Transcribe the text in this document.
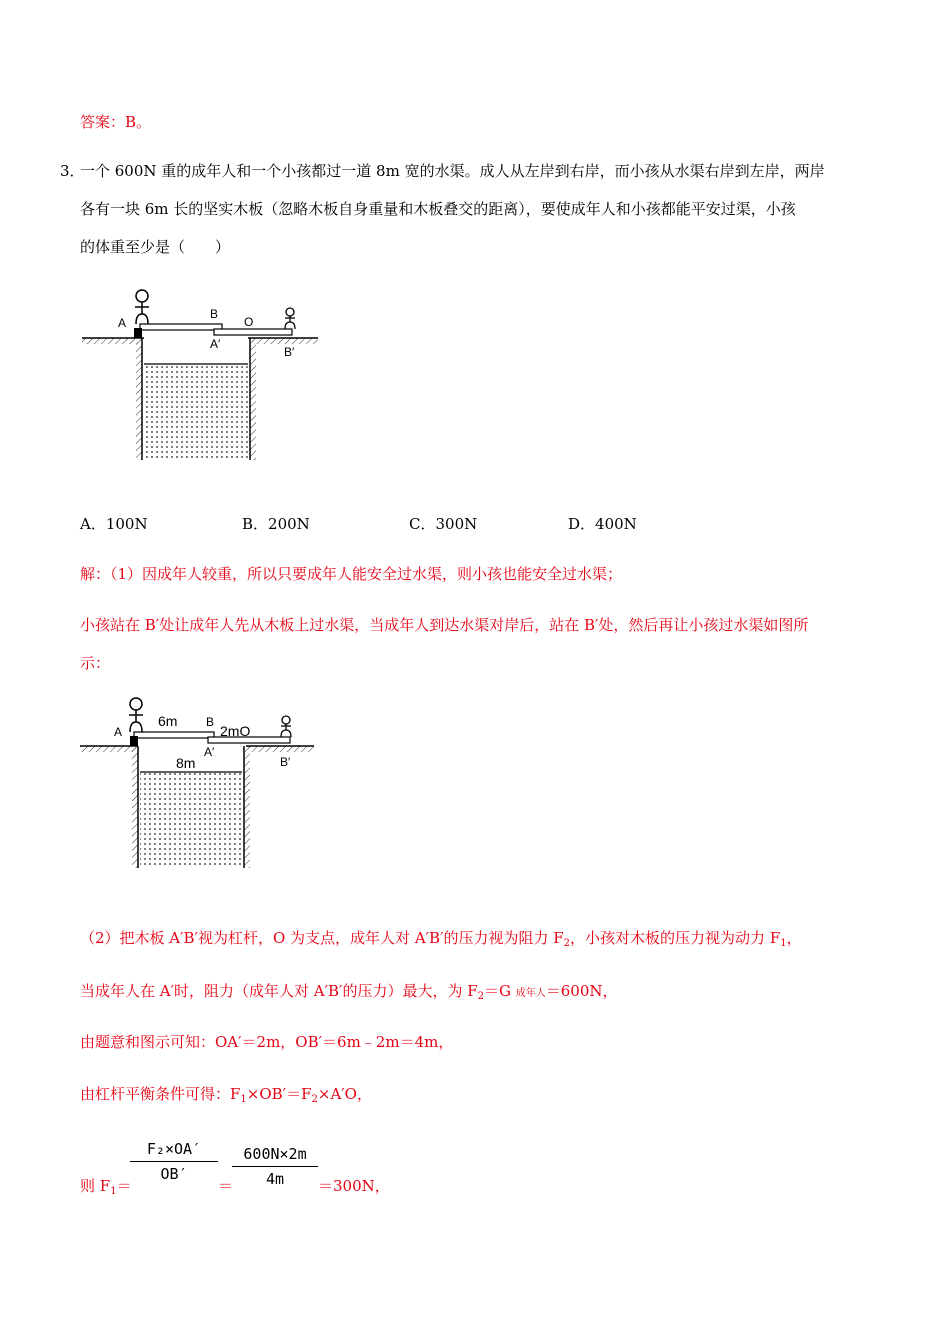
答案：B。
3．
一个 600N 重的成年人和一个小孩都过一道 8m 宽的水渠。成人从左岸到右岸，而小孩从水渠右岸到左岸，两岸
各有一块 6m 长的坚实木板（忽略木板自身重量和木板叠交的距离），要使成年人和小孩都能平安过渠，小孩
的体重至少是（　　）
A
B
O
A′
B′
A．100N	B．200N	C．300N	D．400N
解：（1）因成年人较重，所以只要成年人能安全过水渠，则小孩也能安全过水渠；
小孩站在 B′处让成年人先从木板上过水渠，当成年人到达水渠对岸后，站在 B′处，然后再让小孩过水渠如图所
示：
A
6m B
2mO
A′
8m	B′
（2）把木板 A′B′视为杠杆，O 为支点，成年人对 A′B′的压力视为阻力 $F_2$，小孩对木板的压力视为动力 $F_1$，
当成年人在 A′时，阻力（成年人对 A′B′的压力）最大，为 $F_2=G$ 成年人＝600N，
由题意和图示可知：OA′＝2m，OB′＝6m﹣2m＝4m，
由杠杆平衡条件可得：$F_1\times OB'=F_2\times A'O$，
则 $F_1=$
F₂×OA′
OB′
＝
600N×2m
4m	＝300N，
